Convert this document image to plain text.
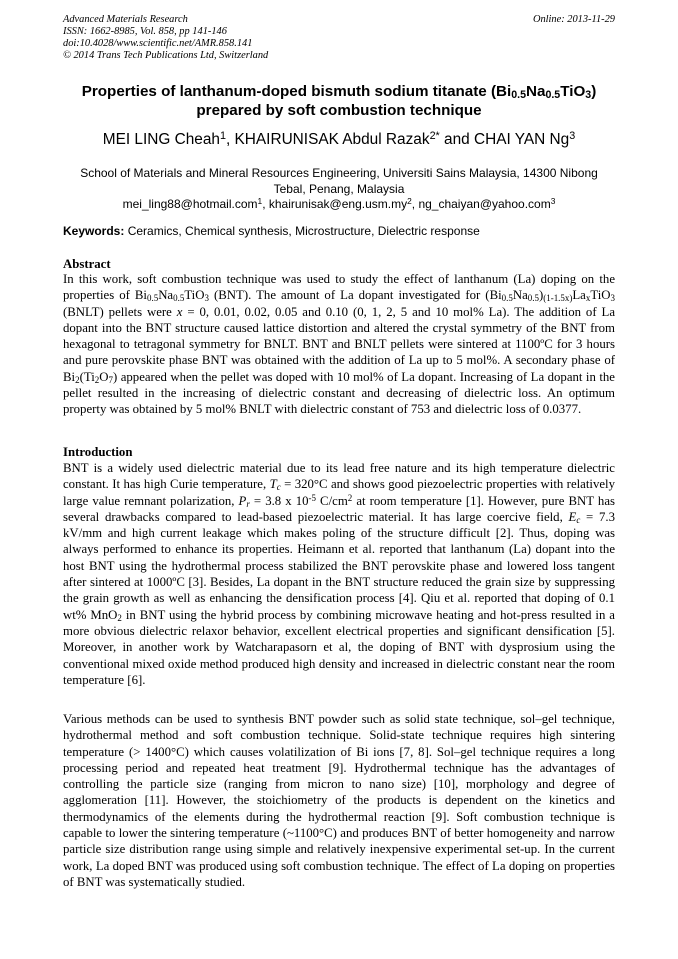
Advanced Materials Research
ISSN: 1662-8985, Vol. 858, pp 141-146
doi:10.4028/www.scientific.net/AMR.858.141
© 2014 Trans Tech Publications Ltd, Switzerland
Online: 2013-11-29
Properties of lanthanum-doped bismuth sodium titanate $(Bi_{0.5}Na_{0.5}TiO_3)$
prepared by soft combustion technique
MEI LING Cheah$^1$, KHAIRUNISAK Abdul Razak$^{2*}$ and CHAI YAN Ng$^3$
School of Materials and Mineral Resources Engineering, Universiti Sains Malaysia, 14300 Nibong
Tebal, Penang, Malaysia
mei_ling88@hotmail.com$^1$, $khairunisak@eng.usm.my^2$, ng_chaiyan@yahoo.com$^3$
Keywords: Ceramics, Chemical synthesis, Microstructure, Dielectric response
Abstract
In this work, soft combustion technique was used to study the effect of lanthanum (La) doping on the properties of $Bi_{0.5}Na_{0.5}TiO_3$ (BNT). The amount of La dopant investigated for $(Bi_{0.5}Na_{0.5})_{(1-1.5x)}La_xTiO_3$ (BNLT) pellets were x = 0, 0.01, 0.02, 0.05 and 0.10 (0, 1, 2, 5 and 10 mol% La). The addition of La dopant into the BNT structure caused lattice distortion and altered the crystal symmetry of the BNT from hexagonal to tetragonal symmetry for BNLT. BNT and BNLT pellets were sintered at 1100ºC for 3 hours and pure perovskite phase BNT was obtained with the addition of La up to 5 mol%. A secondary phase of $Bi_2(Ti_2O_7)$ appeared when the pellet was doped with 10 mol% of La dopant. Increasing of La dopant in the pellet resulted in the increasing of dielectric constant and decreasing of dielectric loss. An optimum property was obtained by 5 mol% BNLT with dielectric constant of 753 and dielectric loss of 0.0377.
Introduction
BNT is a widely used dielectric material due to its lead free nature and its high temperature dielectric constant. It has high Curie temperature, $T_c = 320^\circ C$ and shows good piezoelectric properties with relatively large value remnant polarization, $P_r = 3.8$ x $10^{-5}$ $C/cm^2$ at room temperature [1]. However, pure BNT has several drawbacks compared to lead-based piezoelectric material. It has large coercive field, $E_c = 7.3$ kV/mm and high current leakage which makes poling of the structure difficult [2]. Thus, doping was always performed to enhance its properties. Heimann et al. reported that lanthanum (La) dopant into the host BNT using the hydrothermal process stabilized the BNT perovskite phase and lowered loss tangent after sintered at 1000ºC [3]. Besides, La dopant in the BNT structure reduced the grain size by suppressing the grain growth as well as enhancing the densification process [4]. Qiu et al. reported that doping of 0.1 wt% MnO$_2$ in BNT using the hybrid process by combining microwave heating and hot-press resulted in a more obvious dielectric relaxor behavior, excellent electrical properties and significant densification [5]. Moreover, in another work by Watcharapasorn et al, the doping of BNT with dysprosium using the conventional mixed oxide method produced high density and increased in dielectric constant near the room temperature [6].
Various methods can be used to synthesis BNT powder such as solid state technique, sol–gel technique, hydrothermal method and soft combustion technique. Solid-state technique requires high sintering temperature (> 1400°C) which causes volatilization of Bi ions [7, 8]. Sol–gel technique requires a long processing period and repeated heat treatment [9]. Hydrothermal technique has the advantages of controlling the particle size (ranging from micron to nano size) [10], morphology and degree of agglomeration [11]. However, the stoichiometry of the products is dependent on the kinetics and thermodynamics of the elements during the hydrothermal reaction [9]. Soft combustion technique is capable to lower the sintering temperature (~1100°C) and produces BNT of better homogeneity and narrow particle size distribution range using simple and relatively inexpensive experimental set-up. In the current work, La doped BNT was produced using soft combustion technique. The effect of La doping on properties of BNT was systematically studied.
